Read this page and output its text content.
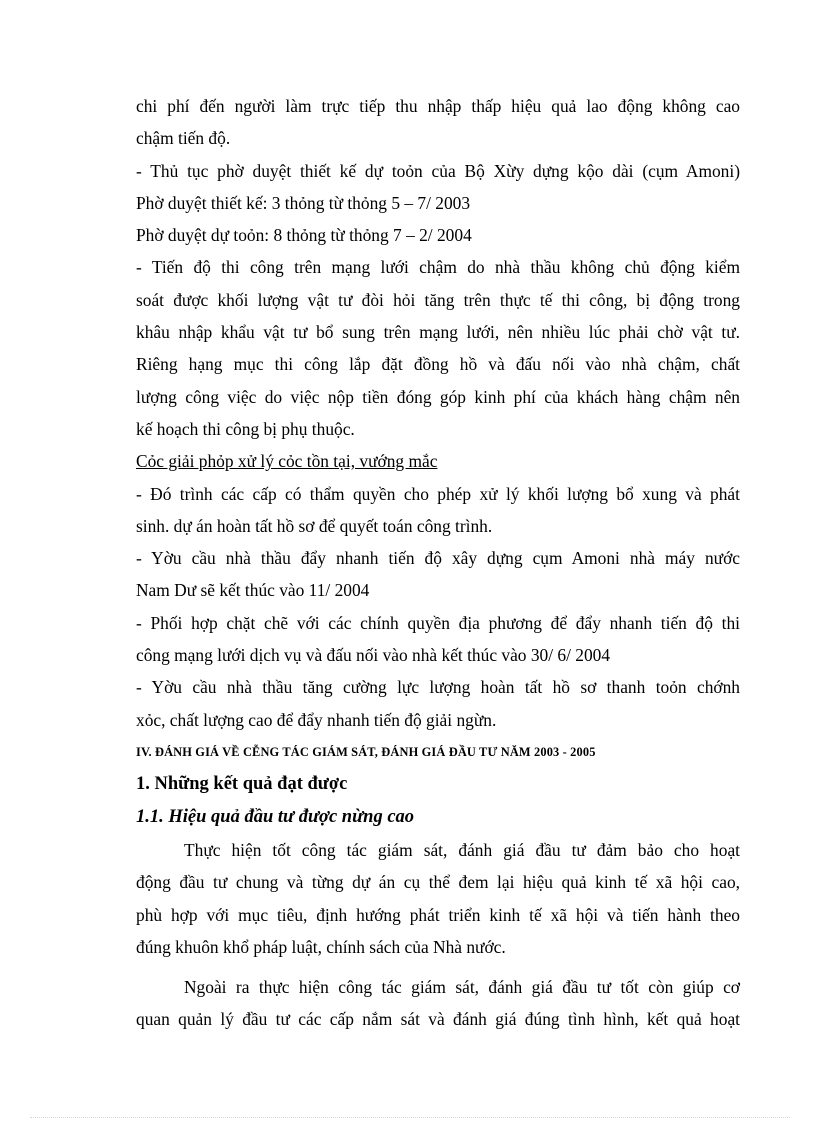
chi phí đến người làm trực tiếp thu nhập thấp hiệu quả lao động không cao
chậm tiến độ.
- Thủ tục phờ duyệt thiết kế dự toỏn của Bộ Xừy dựng kộo dài (cụm Amoni)
Phờ duyệt thiết kế: 3 thỏng từ thỏng 5 – 7/ 2003
Phờ duyệt dự toỏn: 8 thỏng từ thỏng 7 – 2/ 2004
- Tiến độ thi công trên mạng lưới chậm do nhà thầu không chủ động kiểm
soát được khối lượng vật tư đòi hỏi tăng trên thực tế thi công, bị động trong
khâu nhập khẩu vật tư bổ sung trên mạng lưới, nên nhiều lúc phải chờ vật tư.
Riêng hạng mục thi công lắp đặt đồng hồ và đấu nối vào nhà chậm, chất
lượng công việc do việc nộp tiền đóng góp kinh phí của khách hàng chậm nên
kế hoạch thi công bị phụ thuộc.
Cỏc giải phỏp xử lý cỏc tồn tại, vướng mắc
- Đó trình các cấp có thẩm quyền cho phép xử lý khối lượng bổ xung và phát
sinh. dự án hoàn tất hồ sơ để quyết toán công trình.
- Yờu cầu nhà thầu đẩy nhanh tiến độ xây dựng cụm Amoni nhà máy nước
Nam Dư sẽ kết thúc vào 11/ 2004
- Phối hợp chặt chẽ với các chính quyền địa phương để đẩy nhanh tiến độ thi
công mạng lưới dịch vụ và đấu nối vào nhà kết thúc vào 30/ 6/ 2004
- Yờu cầu nhà thầu tăng cường lực lượng hoàn tất hồ sơ thanh toỏn chớnh
xỏc, chất lượng cao để đẩy nhanh tiến độ giải ngừn.
IV. ĐÁNH GIÁ VỀ CỄNG TÁC GIÁM SÁT, ĐÁNH GIÁ ĐẦU TƯ NĂM 2003 - 2005
1. Những kết quả đạt được
1.1. Hiệu quả đầu tư được nừng cao
Thực hiện tốt công tác giám sát, đánh giá đầu tư đảm bảo cho hoạt
động đầu tư chung và từng dự án cụ thể đem lại hiệu quả kinh tế xã hội cao,
phù hợp với mục tiêu, định hướng phát triển kinh tế xã hội và tiến hành theo
đúng khuôn khổ pháp luật, chính sách của Nhà nước.
Ngoài ra thực hiện công tác giám sát, đánh giá đầu tư tốt còn giúp cơ
quan quản lý đầu tư các cấp nắm sát và đánh giá đúng tình hình, kết quả hoạt
